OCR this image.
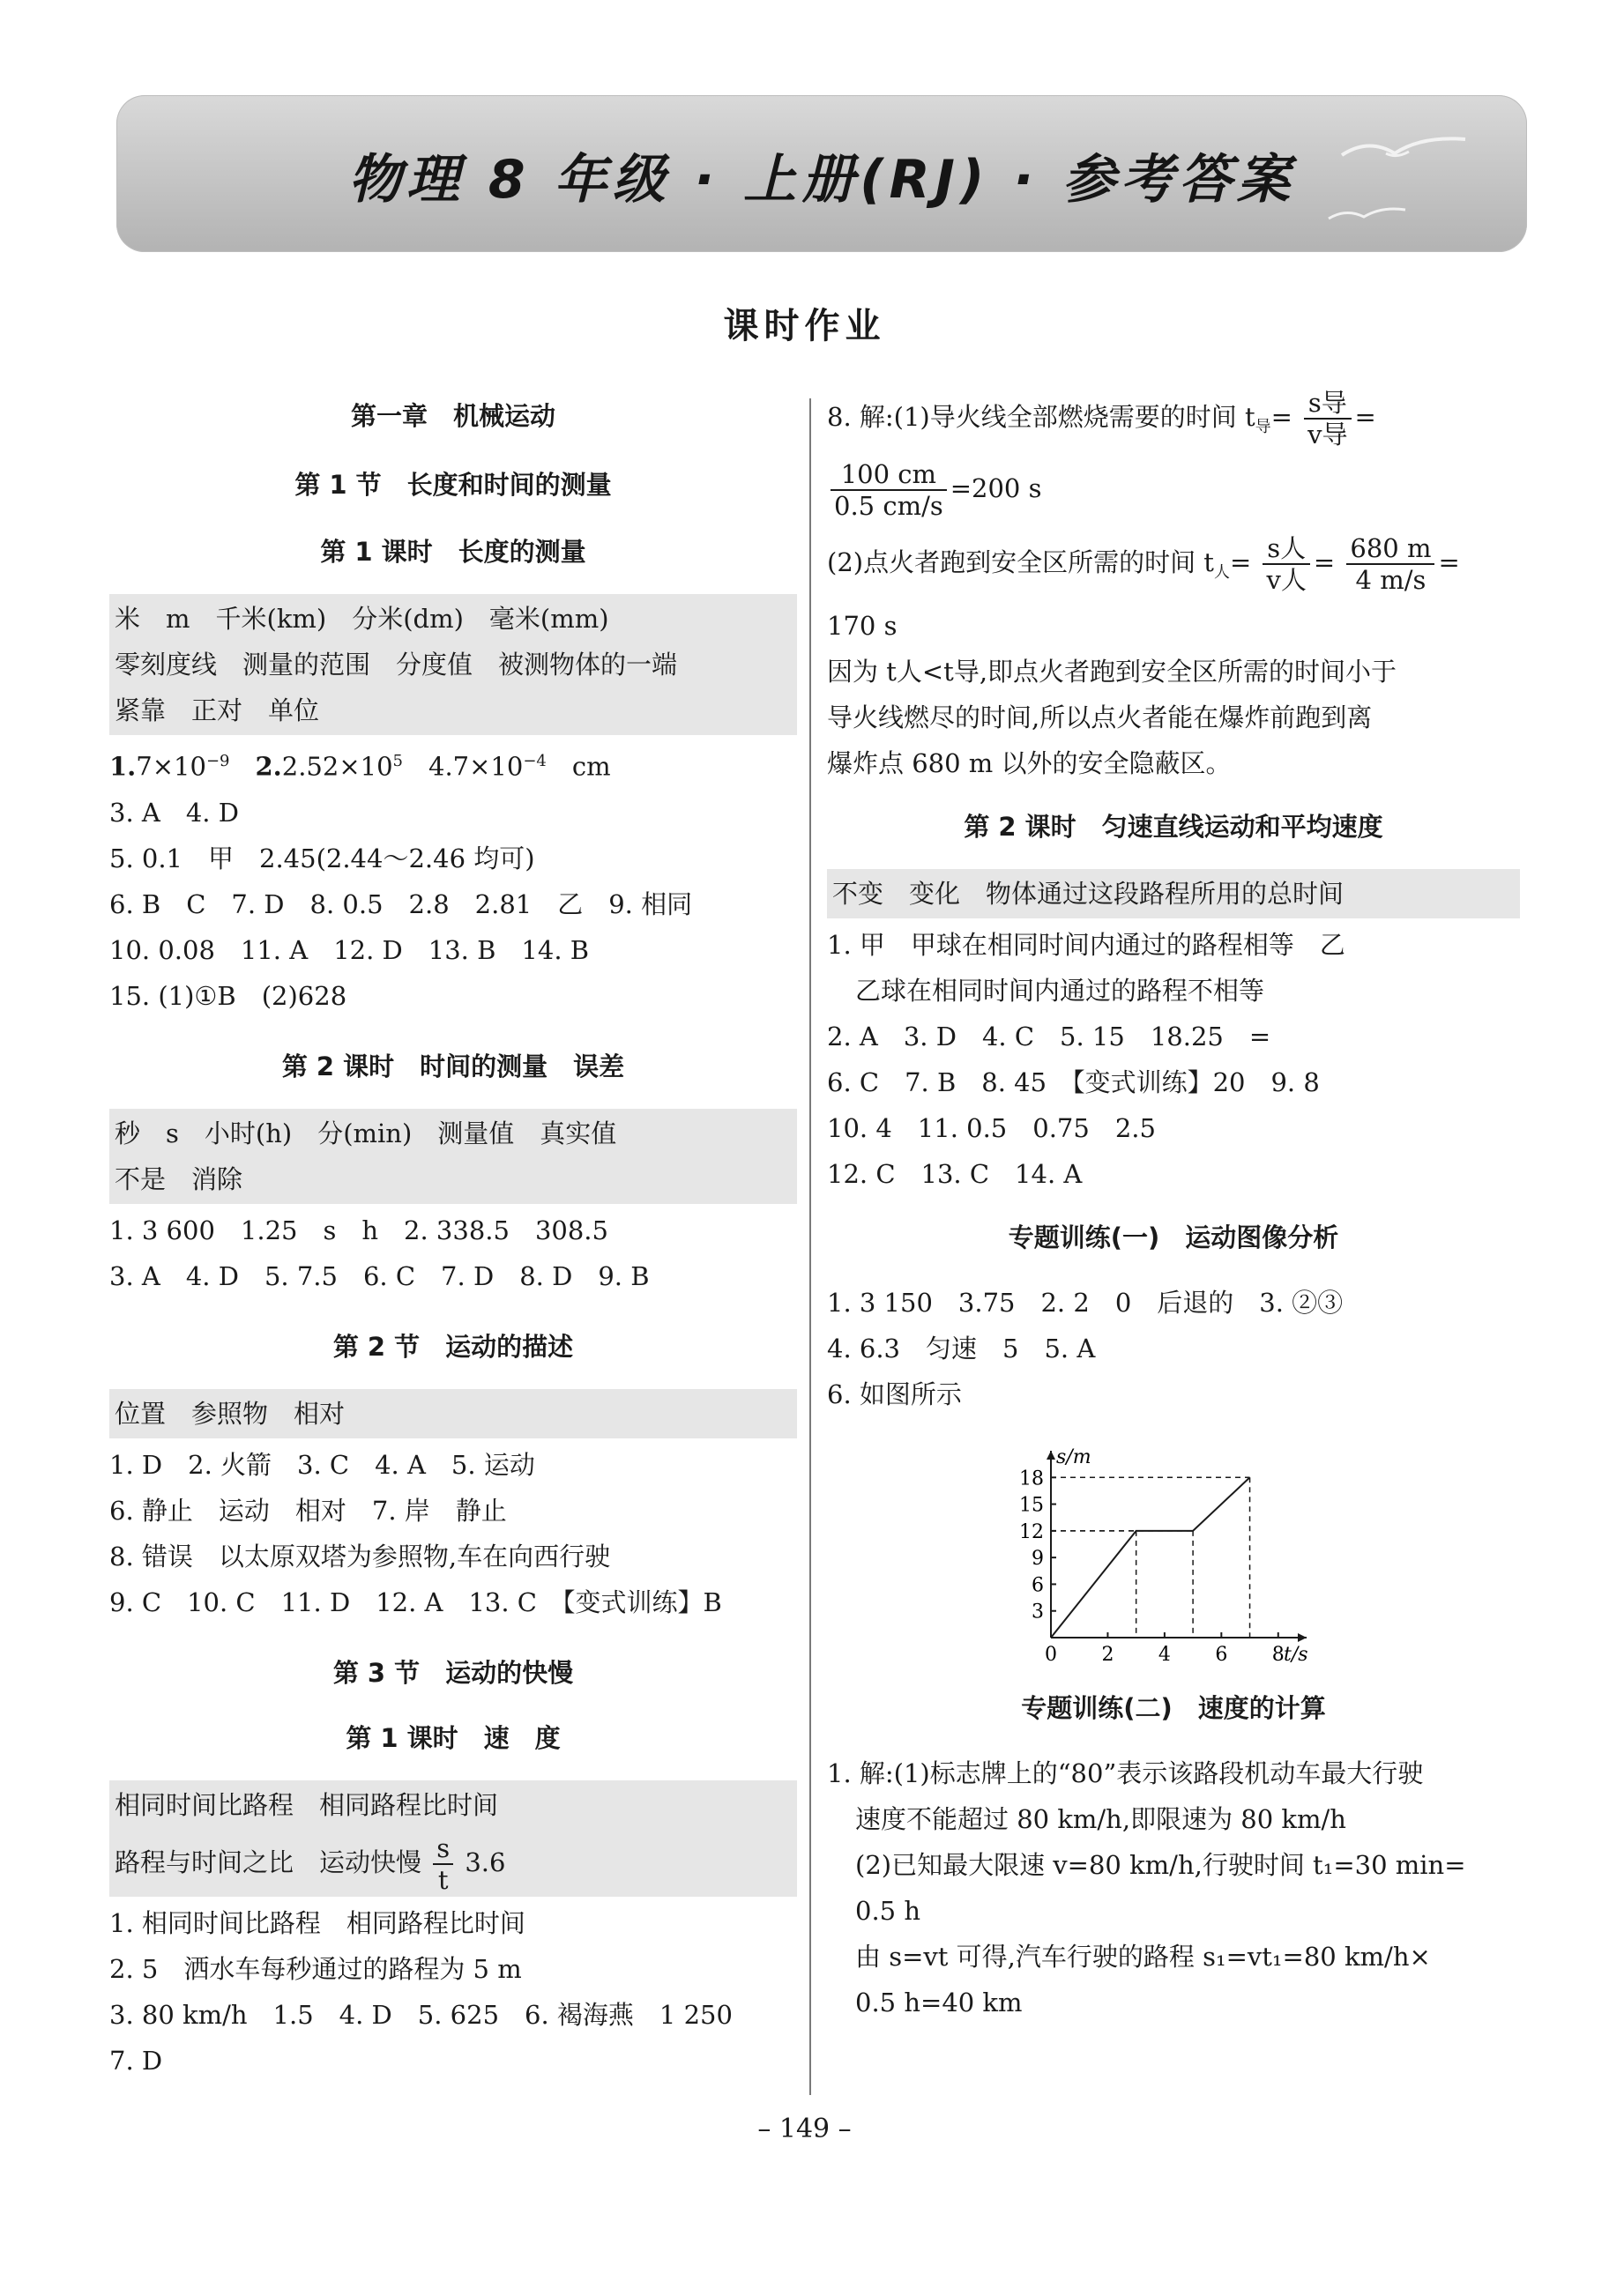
物理 8 年级 · 上册(RJ) · 参考答案
课时作业
第一章　机械运动
第 1 节　长度和时间的测量
第 1 课时　长度的测量
米　m　千米(km)　分米(dm)　毫米(mm)
零刻度线　测量的范围　分度值　被测物体的一端
紧靠　正对　单位
$1.7\times 10^{-9}$　$2.2.52\times 10^5$　$4.7\times 10^{-4}$　cm
3. A　4. D
5. 0.1　甲　2.45(2.44～2.46 均可)
6. B　C　7. D　8. 0.5　2.8　2.81　乙　9. 相同
10. 0.08　11. A　12. D　13. B　14. B
15. (1)①B　(2)628
第 2 课时　时间的测量　误差
秒　s　小时(h)　分(min)　测量值　真实值
不是　消除
1. 3 600　1.25　s　h　2. 338.5　308.5
3. A　4. D　5. 7.5　6. C　7. D　8. D　9. B
第 2 节　运动的描述
位置　参照物　相对
1. D　2. 火箭　3. C　4. A　5. 运动
6. 静止　运动　相对　7. 岸　静止
8. 错误　以太原双塔为参照物,车在向西行驶
9. C　10. C　11. D　12. A　13. C　【变式训练】B
第 3 节　运动的快慢
第 1 课时　速　度
相同时间比路程　相同路程比时间
路程与时间之比　运动快慢 $\frac{s}{t} 3.6$
1. 相同时间比路程　相同路程比时间
2. 5　洒水车每秒通过的路程为 5 m
3. 80 km/h　1.5　4. D　5. 625　6. 褐海燕　1 250
7. D
8. 解:(1)导火线全部燃烧需要的时间 $t_导= \frac{\text{s导}}{\text{v导}}$ =
$\frac{100 cm}{0.5 cm/s} =200$ s
(2)点火者跑到安全区所需的时间 $t_人= \frac{\text{s人}}{\text{v人}} = \frac{680 m}{4 m/s}$ =
170 s
因为 t人<t导,即点火者跑到安全区所需的时间小于
导火线燃尽的时间,所以点火者能在爆炸前跑到离
爆炸点 680 m 以外的安全隐蔽区。
第 2 课时　匀速直线运动和平均速度
不变　变化　物体通过这段路程所用的总时间
1. 甲　甲球在相同时间内通过的路程相等　乙
乙球在相同时间内通过的路程不相等
2. A　3. D　4. C　5. 15　18.25　=
6. C　7. B　8. 45　【变式训练】20　9. 8
10. 4　11. 0.5　0.75　2.5
12. C　13. C　14. A
专题训练(一)　运动图像分析
1. 3 150　3.75　2. 2　0　后退的　3. ②③
4. 6.3　匀速　5　5. A
6. 如图所示
0 2 4 6 8
3
6
9
12
15
18
t/s
s/m
专题训练(二)　速度的计算
1. 解:(1)标志牌上的“80”表示该路段机动车最大行驶
速度不能超过 80 km/h,即限速为 80 km/h
(2)已知最大限速 v=80 km/h,行驶时间 t₁=30 min=
0.5 h
由 s=vt 可得,汽车行驶的路程 s₁=vt₁=80 km/h×
0.5 h=40 km
– 149 –
